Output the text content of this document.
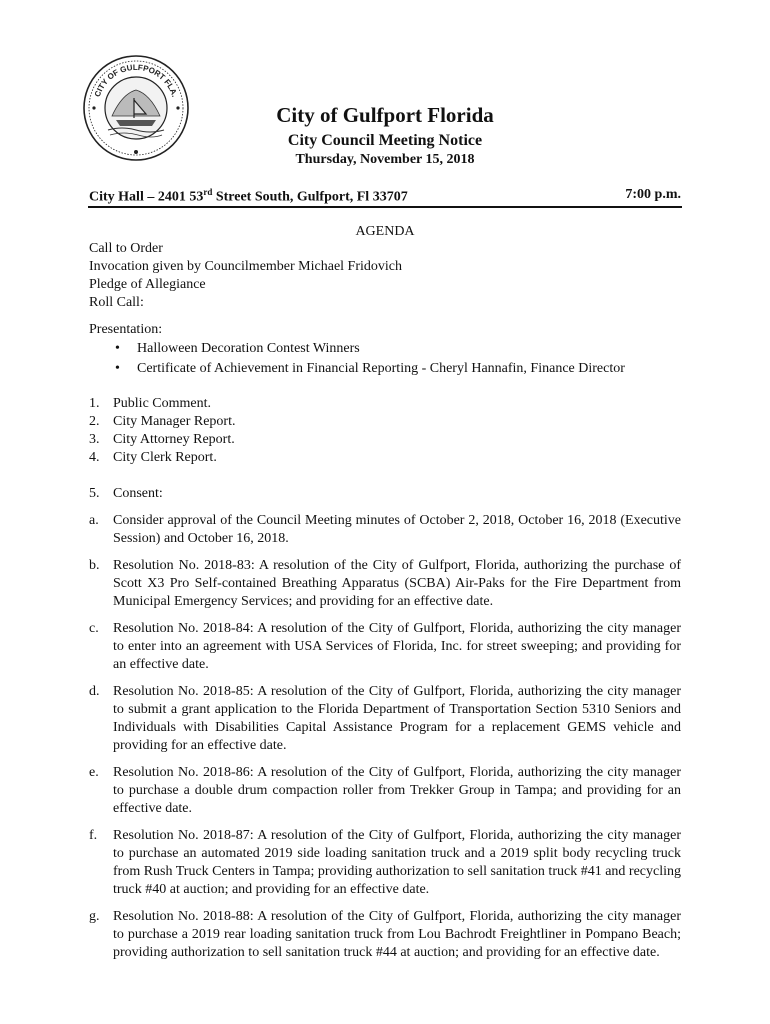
CITY OF GULFPORT FLA.
City of Gulfport Florida
City Council Meeting Notice
Thursday, November 15, 2018
City Hall – 2401 53rd Street South, Gulfport, Fl 33707	7:00 p.m.
AGENDA

Call to Order

Invocation given by Councilmember Michael Fridovich

Pledge of Allegiance

Roll Call:

Presentation:

• Halloween Decoration Contest Winners
• Certificate of Achievement in Financial Reporting - Cheryl Hannafin, Finance Director
1. Public Comment.
2. City Manager Report.
3. City Attorney Report.
4. City Clerk Report.
5. Consent:
a.	Consider approval of the Council Meeting minutes of October 2, 2018, October 16, 2018 (Executive Session) and October 16, 2018.
b. Resolution No. 2018-83: A resolution of the City of Gulfport, Florida, authorizing the purchase of Scott X3 Pro Self-contained Breathing Apparatus (SCBA) Air-Paks for the Fire Department from Municipal Emergency Services; and providing for an effective date.
c.	Resolution No. 2018-84: A resolution of the City of Gulfport, Florida, authorizing the city manager to enter into an agreement with USA Services of Florida, Inc. for street sweeping; and providing for an effective date.
d. Resolution No. 2018-85: A resolution of the City of Gulfport, Florida, authorizing the city manager to submit a grant application to the Florida Department of Transportation Section 5310 Seniors and Individuals with Disabilities Capital Assistance Program for a replacement GEMS vehicle and providing for an effective date.
e.	Resolution No. 2018-86: A resolution of the City of Gulfport, Florida, authorizing the city manager to purchase a double drum compaction roller from Trekker Group in Tampa; and providing for an effective date.
f.	Resolution No. 2018-87: A resolution of the City of Gulfport, Florida, authorizing the city manager to purchase an automated 2019 side loading sanitation truck and a 2019 split body recycling truck from Rush Truck Centers in Tampa; providing authorization to sell sanitation truck #41 and recycling truck #40 at auction; and providing for an effective date.
g. Resolution No. 2018-88: A resolution of the City of Gulfport, Florida, authorizing the city manager to purchase a 2019 rear loading sanitation truck from Lou Bachrodt Freightliner in Pompano Beach; providing authorization to sell sanitation truck #44 at auction; and providing for an effective date.
